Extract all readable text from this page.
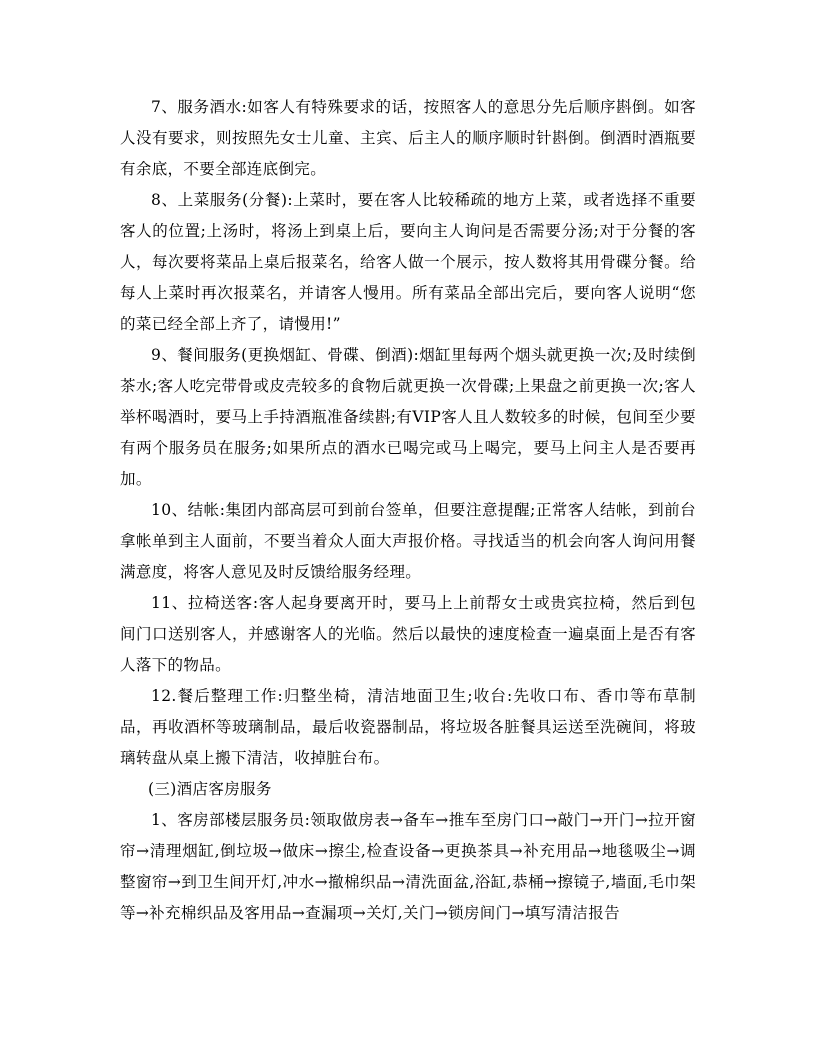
7、服务酒水:如客人有特殊要求的话，按照客人的意思分先后顺序斟倒。如客人没有要求，则按照先女士儿童、主宾、后主人的顺序顺时针斟倒。倒酒时酒瓶要有余底，不要全部连底倒完。

8、上菜服务(分餐):上菜时，要在客人比较稀疏的地方上菜，或者选择不重要客人的位置;上汤时，将汤上到桌上后，要向主人询问是否需要分汤;对于分餐的客人，每次要将菜品上桌后报菜名，给客人做一个展示，按人数将其用骨碟分餐。给每人上菜时再次报菜名，并请客人慢用。所有菜品全部出完后，要向客人说明“您的菜已经全部上齐了，请慢用!”

9、餐间服务(更换烟缸、骨碟、倒酒):烟缸里每两个烟头就更换一次;及时续倒茶水;客人吃完带骨或皮壳较多的食物后就更换一次骨碟;上果盘之前更换一次;客人举杯喝酒时，要马上手持酒瓶准备续斟;有VIP客人且人数较多的时候，包间至少要有两个服务员在服务;如果所点的酒水已喝完或马上喝完，要马上问主人是否要再加。

10、结帐:集团内部高层可到前台签单，但要注意提醒;正常客人结帐，到前台拿帐单到主人面前，不要当着众人面大声报价格。寻找适当的机会向客人询问用餐满意度，将客人意见及时反馈给服务经理。

11、拉椅送客:客人起身要离开时，要马上上前帮女士或贵宾拉椅，然后到包间门口送别客人，并感谢客人的光临。然后以最快的速度检查一遍桌面上是否有客人落下的物品。

12.餐后整理工作:归整坐椅，清洁地面卫生;收台:先收口布、香巾等布草制品，再收酒杯等玻璃制品，最后收瓷器制品，将垃圾各脏餐具运送至洗碗间，将玻璃转盘从桌上搬下清洁，收掉脏台布。

(三)酒店客房服务

1、客房部楼层服务员:领取做房表→备车→推车至房门口→敲门→开门→拉开窗帘→清理烟缸,倒垃圾→做床→擦尘,检查设备→更换茶具→补充用品→地毯吸尘→调整窗帘→到卫生间开灯,冲水→撤棉织品→清洗面盆,浴缸,恭桶→擦镜子,墙面,毛巾架等→补充棉织品及客用品→查漏项→关灯,关门→锁房间门→填写清洁报告
